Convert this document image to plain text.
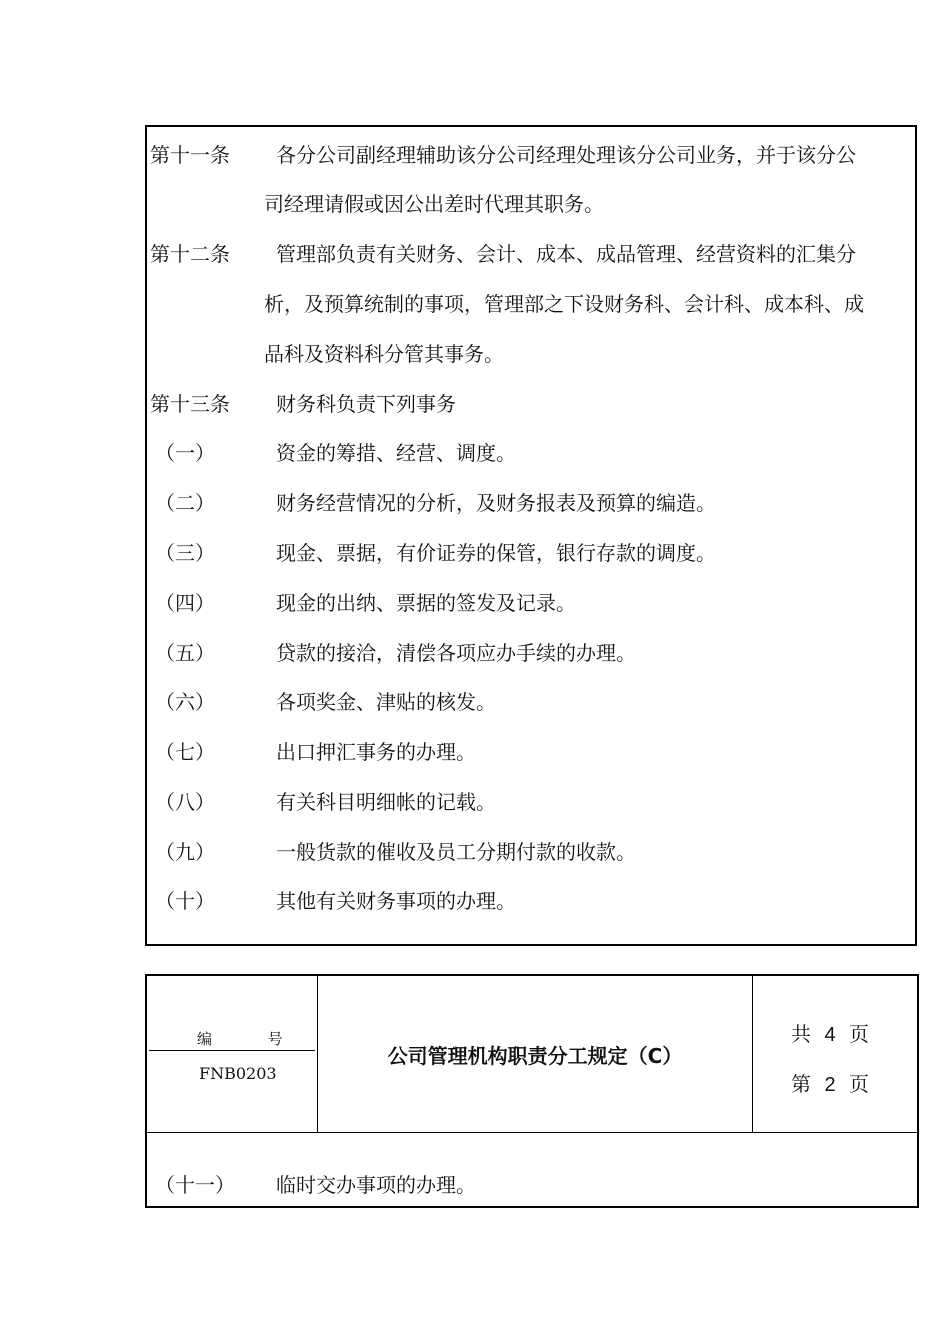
第十一条 各分公司副经理辅助该分公司经理处理该分公司业务，并于该分公
司经理请假或因公出差时代理其职务。
第十二条 管理部负责有关财务、会计、成本、成品管理、经营资料的汇集分
析，及预算统制的事项，管理部之下设财务科、会计科、成本科、成
品科及资料科分管其事务。
第十三条 财务科负责下列事务
（一）	资金的筹措、经营、调度。
（二）	财务经营情况的分析，及财务报表及预算的编造。
（三）	现金、票据，有价证券的保管，银行存款的调度。
（四）	现金的出纳、票据的签发及记录。
（五）	贷款的接洽，清偿各项应办手续的办理。
（六）	各项奖金、津贴的核发。
（七）	出口押汇事务的办理。
（八）	有关科目明细帐的记载。
（九）	一般货款的催收及员工分期付款的收款。
（十）	其他有关财务事项的办理。
编	号
FNB0203
公司管理机构职责分工规定（C）
共 4 页
第 2 页
（十一） 临时交办事项的办理。
